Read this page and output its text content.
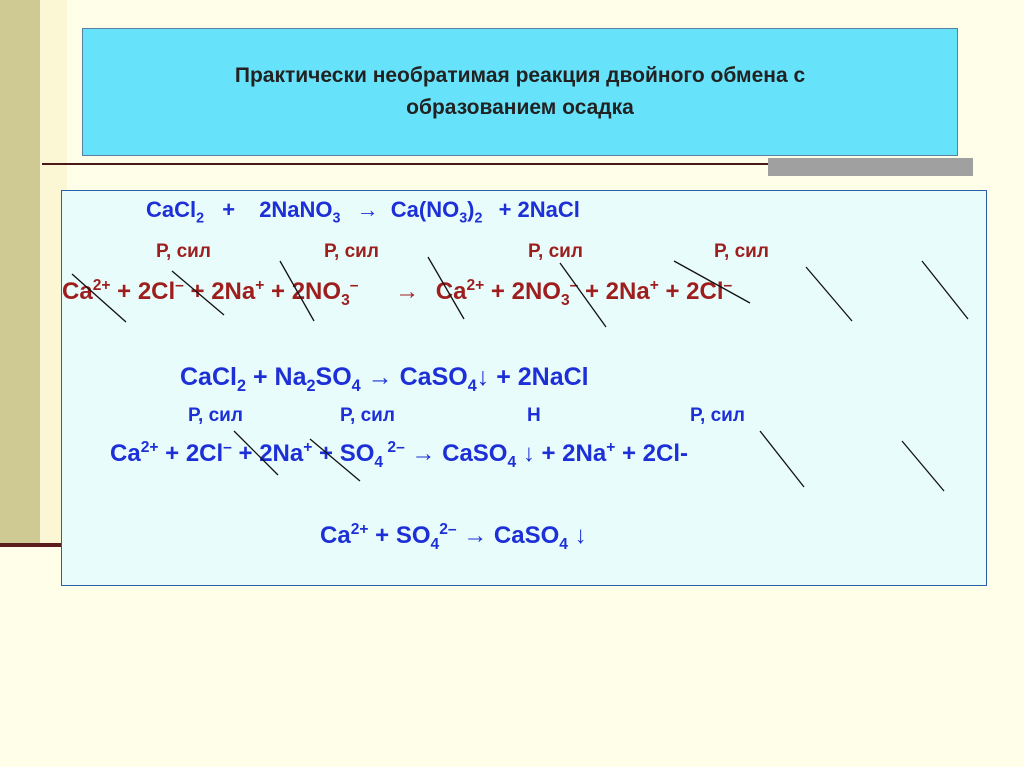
Практически необратимая реакция двойного обмена с
образованием осадка
CaCl$_2$ + 2NaNO$_3$ → $Ca(NO_3)_2$ + 2NaCl
Р, сил	Р, сил	Р, сил	Р, сил
$Ca^{2+} + 2Cl^- + 2Na^+ + 2NO_3^- \to Ca^{2+} + 2NO_3^- + 2Na^+ + 2Cl^-$
CaCl$_2$ + $Na_2SO_4$ → CaSO$_4$↓ + 2NaCl
Р, сил	Р, сил	Н	Р, сил
$Ca^{2+} + 2Cl^- + 2Na^+ + SO_4$ $^{2-}$ → CaSO$_4$ ↓ + 2Na+ + 2Cl-
$Ca^{2+} + SO_4^{2-}$ → CaSO$_4$ ↓
